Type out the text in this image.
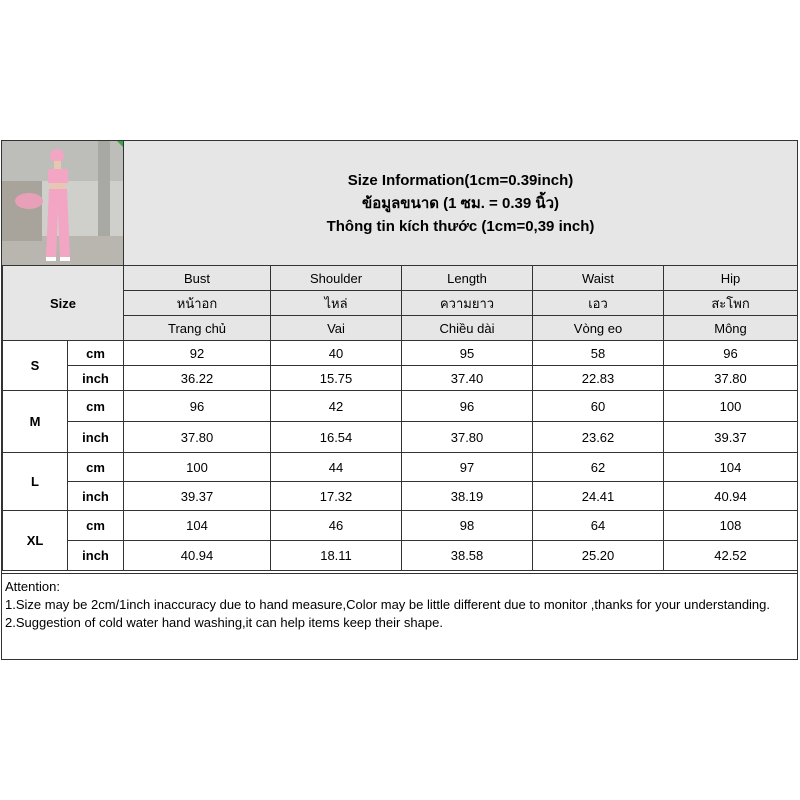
Size Information(1cm=0.39inch)
ข้อมูลขนาด (1 ซม. = 0.39 นิ้ว)
Thông tin kích thước (1cm=0,39 inch)
Size		Bust	Shoulder	Length	Waist	Hip
		หน้าอก	ไหล่	ความยาว	เอว	สะโพก
		Trang chủ	Vai	Chiều dài	Vòng eo	Mông
S	cm	92	40	95	58	96
	inch	36.22	15.75	37.40	22.83	37.80
M	cm	96	42	96	60	100
	inch	37.80	16.54	37.80	23.62	39.37
L	cm	100	44	97	62	104
	inch	39.37	17.32	38.19	24.41	40.94
XL	cm	104	46	98	64	108
	inch	40.94	18.11	38.58	25.20	42.52
Attention:
1.Size may be 2cm/1inch inaccuracy due to hand measure,Color may be little different due to monitor ,thanks for your understanding.
2.Suggestion of cold water hand washing,it can help items keep their shape.
